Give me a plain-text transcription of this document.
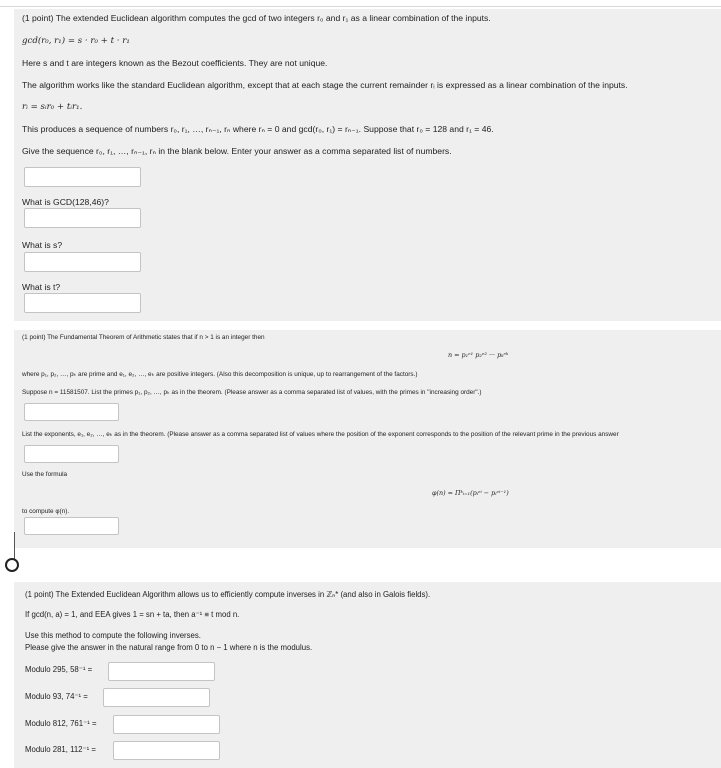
(1 point) The extended Euclidean algorithm computes the gcd of two integers r₀ and r₁ as a linear combination of the inputs.
gcd(r₀, r₁) = s · r₀ + t · r₁
Here s and t are integers known as the Bezout coefficients. They are not unique.
The algorithm works like the standard Euclidean algorithm, except that at each stage the current remainder rᵢ is expressed as a linear combination of the inputs.
rᵢ = sᵢr₀ + tᵢr₁.
This produces a sequence of numbers r₀, r₁, …, rₙ₋₁, rₙ where rₙ = 0 and gcd(r₀, r₁) = rₙ₋₁. Suppose that r₀ = 128 and r₁ = 46.
Give the sequence r₀, r₁, …, rₙ₋₁, rₙ in the blank below. Enter your answer as a comma separated list of numbers.
What is GCD(128,46)?
What is s?
What is t?
(1 point) The Fundamental Theorem of Arithmetic states that if n > 1 is an integer then
n = p₁ᵉ¹ p₂ᵉ² ··· pₖᵉᵏ
where p₁, p₂, …, pₖ are prime and e₁, e₂, …, eₖ are positive integers. (Also this decomposition is unique, up to rearrangement of the factors.)
Suppose n = 11581507. List the primes p₁, p₂, …, pₖ as in the theorem. (Please answer as a comma separated list of values, with the primes in "increasing order".)
List the exponents, e₁, e₂, …, eₖ as in the theorem. (Please answer as a comma separated list of values where the position of the exponent corresponds to the position of the relevant prime in the previous answer
Use the formula
φ(n) = Πᵏᵢ₌₁(pᵢᵉⁱ − pᵢᵉⁱ⁻¹)
to compute φ(n).
(1 point) The Extended Euclidean Algorithm allows us to efficiently compute inverses in ℤₙ* (and also in Galois fields).
If gcd(n, a) = 1, and EEA gives 1 = sn + ta, then a⁻¹ ≡ t mod n.
Use this method to compute the following inverses.
Please give the answer in the natural range from 0 to n − 1 where n is the modulus.
Modulo 295, 58⁻¹ =
Modulo 93, 74⁻¹ =
Modulo 812, 761⁻¹ =
Modulo 281, 112⁻¹ =
